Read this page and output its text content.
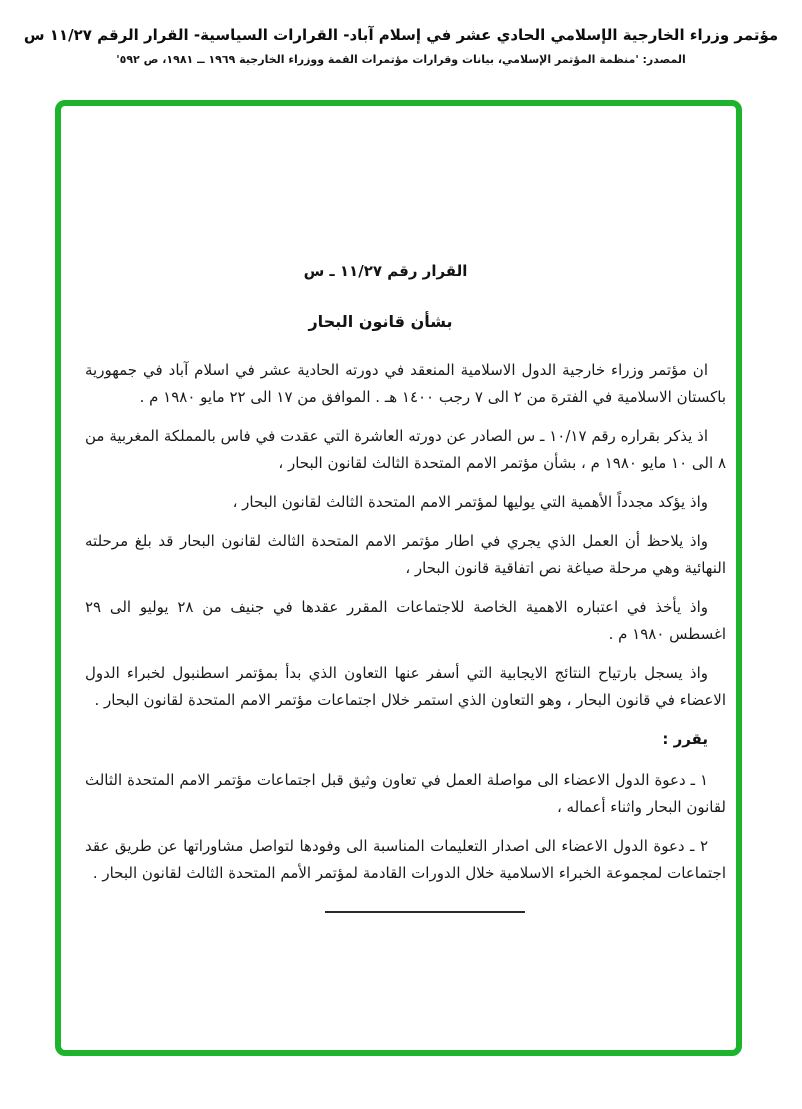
مؤتمر وزراء الخارجية الإسلامي الحادي عشر في إسلام آباد- القرارات السياسية- القرار الرقم ١١/٢٧ س
المصدر: 'منظمة المؤتمر الإسلامي، بيانات وقرارات مؤتمرات القمة ووزراء الخارجية ١٩٦٩ ــ ١٩٨١، ص ٥٩٢'
القرار رقم ١١/٢٧ ـ س
بشأن قانون البحار

ان مؤتمر وزراء خارجية الدول الاسلامية المنعقد في دورته الحادية عشر في اسلام آباد في جمهورية باكستان الاسلامية في الفترة من ٢ الى ٧ رجب ١٤٠٠ هـ . الموافق من ١٧ الى ٢٢ مايو ١٩٨٠ م .

اذ يذكر بقراره رقم ١٠/١٧ ـ س الصادر عن دورته العاشرة التي عقدت في فاس بالمملكة المغربية من ٨ الى ١٠ مايو ١٩٨٠ م ، بشأن مؤتمر الامم المتحدة الثالث لقانون البحار ،

واذ يؤكد مجدداً الأهمية التي يوليها لمؤتمر الامم المتحدة الثالث لقانون البحار ،

واذ يلاحظ أن العمل الذي يجري في اطار مؤتمر الامم المتحدة الثالث لقانون البحار قد بلغ مرحلته النهائية وهي مرحلة صياغة نص اتفاقية قانون البحار ،

واذ يأخذ في اعتباره الاهمية الخاصة للاجتماعات المقرر عقدها في جنيف من ٢٨ يوليو الى ٢٩ اغسطس ١٩٨٠ م .

واذ يسجل بارتياح النتائج الايجابية التي أسفر عنها التعاون الذي بدأ بمؤتمر اسطنبول لخبراء الدول الاعضاء في قانون البحار ، وهو التعاون الذي استمر خلال اجتماعات مؤتمر الامم المتحدة لقانون البحار .

يقرر :

١ ـ دعوة الدول الاعضاء الى مواصلة العمل في تعاون وثيق قبل اجتماعات مؤتمر الامم المتحدة الثالث لقانون البحار واثناء أعماله ،

٢ ـ دعوة الدول الاعضاء الى اصدار التعليمات المناسبة الى وفودها لتواصل مشاوراتها عن طريق عقد اجتماعات لمجموعة الخبراء الاسلامية خلال الدورات القادمة لمؤتمر الأمم المتحدة الثالث لقانون البحار .
